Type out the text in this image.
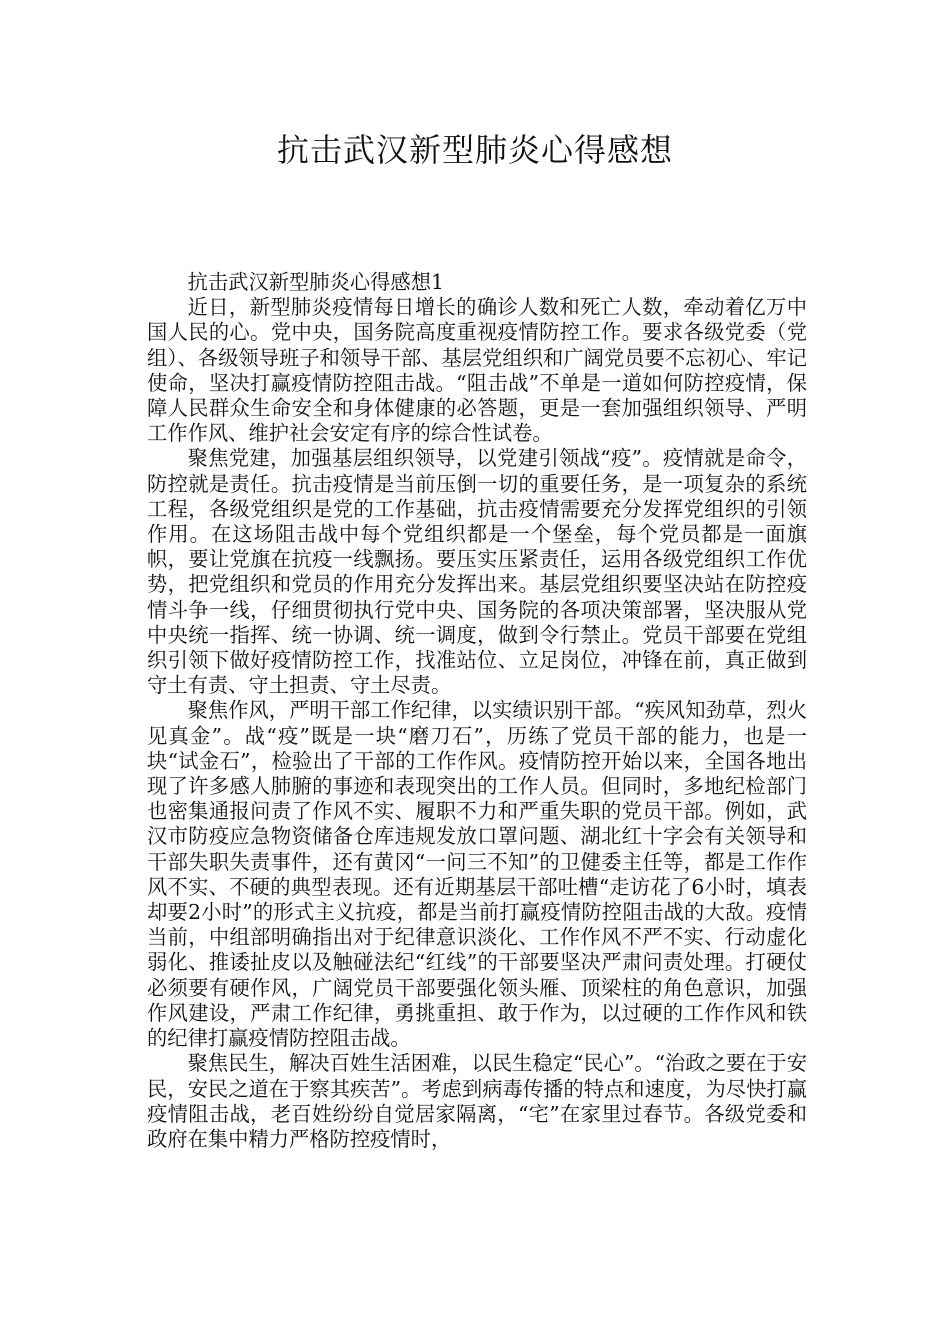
抗击武汉新型肺炎心得感想

抗击武汉新型肺炎心得感想1

近日，新型肺炎疫情每日增长的确诊人数和死亡人数，牵动着亿万中国人民的心。党中央，国务院高度重视疫情防控工作。要求各级党委（党组）、各级领导班子和领导干部、基层党组织和广阔党员要不忘初心、牢记使命，坚决打赢疫情防控阻击战。“阻击战”不单是一道如何防控疫情，保障人民群众生命安全和身体健康的必答题，更是一套加强组织领导、严明工作作风、维护社会安定有序的综合性试卷。

聚焦党建，加强基层组织领导，以党建引领战“疫”。疫情就是命令，防控就是责任。抗击疫情是当前压倒一切的重要任务，是一项复杂的系统工程，各级党组织是党的工作基础，抗击疫情需要充分发挥党组织的引领作用。在这场阻击战中每个党组织都是一个堡垒，每个党员都是一面旗帜，要让党旗在抗疫一线飘扬。要压实压紧责任，运用各级党组织工作优势，把党组织和党员的作用充分发挥出来。基层党组织要坚决站在防控疫情斗争一线，仔细贯彻执行党中央、国务院的各项决策部署，坚决服从党中央统一指挥、统一协调、统一调度，做到令行禁止。党员干部要在党组织引领下做好疫情防控工作，找准站位、立足岗位，冲锋在前，真正做到守土有责、守土担责、守土尽责。

聚焦作风，严明干部工作纪律，以实绩识别干部。“疾风知劲草，烈火见真金”。战“疫”既是一块“磨刀石”，历练了党员干部的能力，也是一块“试金石”，检验出了干部的工作作风。疫情防控开始以来，全国各地出现了许多感人肺腑的事迹和表现突出的工作人员。但同时，多地纪检部门也密集通报问责了作风不实、履职不力和严重失职的党员干部。例如，武汉市防疫应急物资储备仓库违规发放口罩问题、湖北红十字会有关领导和干部失职失责事件，还有黄冈“一问三不知”的卫健委主任等，都是工作作风不实、不硬的典型表现。还有近期基层干部吐槽“走访花了6小时，填表却要2小时”的形式主义抗疫，都是当前打赢疫情防控阻击战的大敌。疫情当前，中组部明确指出对于纪律意识淡化、工作作风不严不实、行动虚化弱化、推诿扯皮以及触碰法纪“红线”的干部要坚决严肃问责处理。打硬仗必须要有硬作风，广阔党员干部要强化领头雁、顶梁柱的角色意识，加强作风建设，严肃工作纪律，勇挑重担、敢于作为，以过硬的工作作风和铁的纪律打赢疫情防控阻击战。

聚焦民生，解决百姓生活困难，以民生稳定“民心”。“治政之要在于安民，安民之道在于察其疾苦”。考虑到病毒传播的特点和速度，为尽快打赢疫情阻击战，老百姓纷纷自觉居家隔离，“宅”在家里过春节。各级党委和政府在集中精力严格防控疫情时，
